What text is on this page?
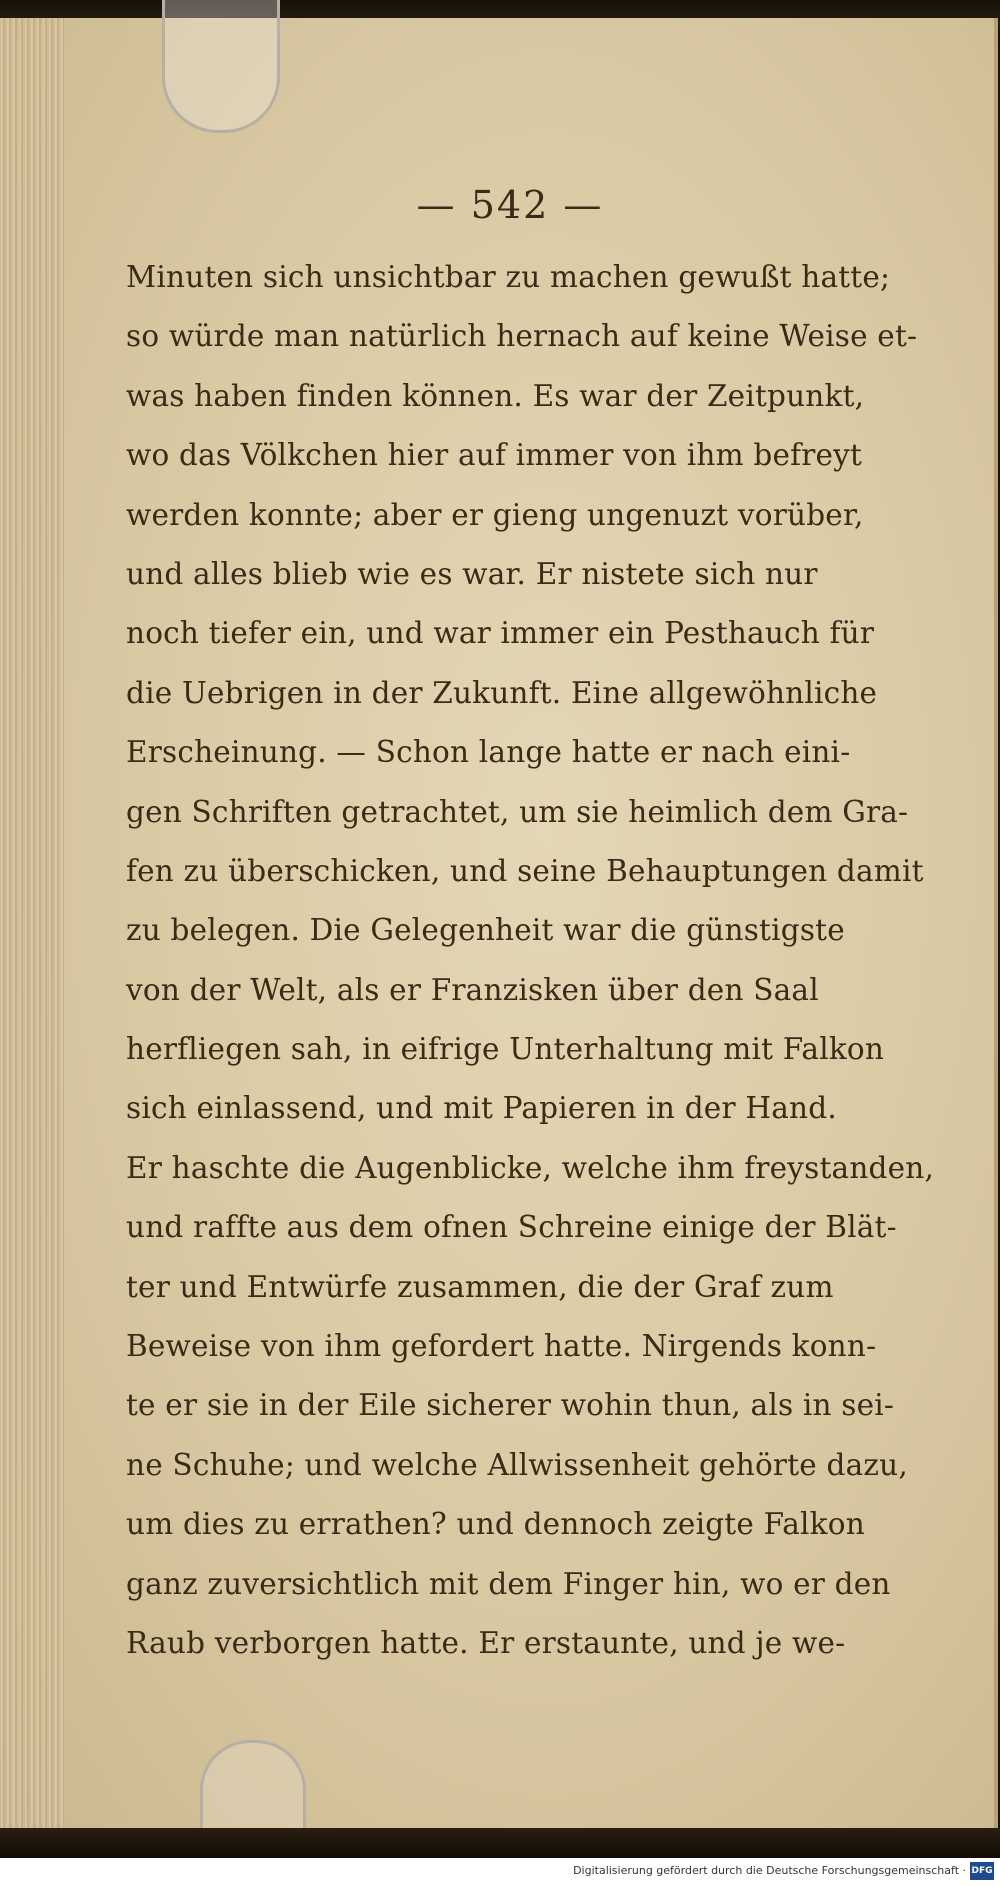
— 542 —
Minuten sich unsichtbar zu machen gewußt hatte;
so würde man natürlich hernach auf keine Weise et-
was haben finden können. Es war der Zeitpunkt,
wo das Völkchen hier auf immer von ihm befreyt
werden konnte; aber er gieng ungenuzt vorüber,
und alles blieb wie es war. Er nistete sich nur
noch tiefer ein, und war immer ein Pesthauch für
die Uebrigen in der Zukunft. Eine allgewöhnliche
Erscheinung. — Schon lange hatte er nach eini-
gen Schriften getrachtet, um sie heimlich dem Gra-
fen zu überschicken, und seine Behauptungen damit
zu belegen. Die Gelegenheit war die günstigste
von der Welt, als er Franzisken über den Saal
herfliegen sah, in eifrige Unterhaltung mit Falkon
sich einlassend, und mit Papieren in der Hand.
Er haschte die Augenblicke, welche ihm freystanden,
und raffte aus dem ofnen Schreine einige der Blät-
ter und Entwürfe zusammen, die der Graf zum
Beweise von ihm gefordert hatte. Nirgends konn-
te er sie in der Eile sicherer wohin thun, als in sei-
ne Schuhe; und welche Allwissenheit gehörte dazu,
um dies zu errathen? und dennoch zeigte Falkon
ganz zuversichtlich mit dem Finger hin, wo er den
Raub verborgen hatte. Er erstaunte, und je we-
Digitalisierung gefördert durch die Deutsche Forschungsgemeinschaft · DFG
